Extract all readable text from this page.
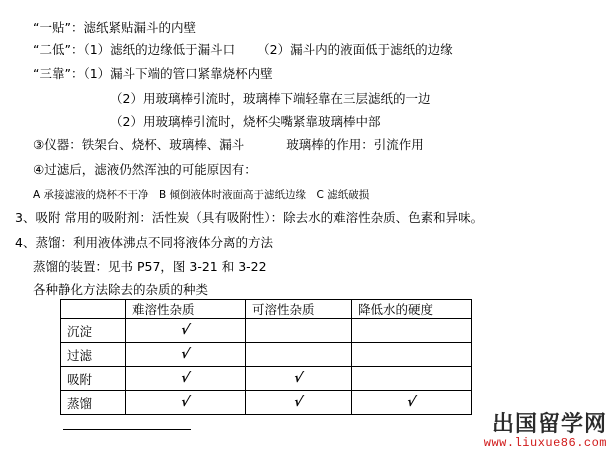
“一贴”：滤纸紧贴漏斗的内壁
“二低”：（1）滤纸的边缘低于漏斗口 （2）漏斗内的液面低于滤纸的边缘
“三靠”：（1）漏斗下端的管口紧靠烧杯内壁
（2）用玻璃棒引流时，玻璃棒下端轻靠在三层滤纸的一边
（2）用玻璃棒引流时，烧杯尖嘴紧靠玻璃棒中部
③仪器：铁架台、烧杯、玻璃棒、漏斗	玻璃棒的作用：引流作用
④过滤后，滤液仍然浑浊的可能原因有：
A 承接滤液的烧杯不干净　B 倾倒液体时液面高于滤纸边缘　C 滤纸破损
3、吸附 常用的吸附剂：活性炭（具有吸附性）：除去水的难溶性杂质、色素和异味。
4、蒸馏：利用液体沸点不同将液体分离的方法
蒸馏的装置：见书 P57，图 3-21 和 3-22
各种静化方法除去的杂质的种类
	难溶性杂质	可溶性杂质	降低水的硬度
沉淀	√		
过滤	√		
吸附	√	√	
蒸馏	√	√	√
出国留学网
www.liuxue86.com
